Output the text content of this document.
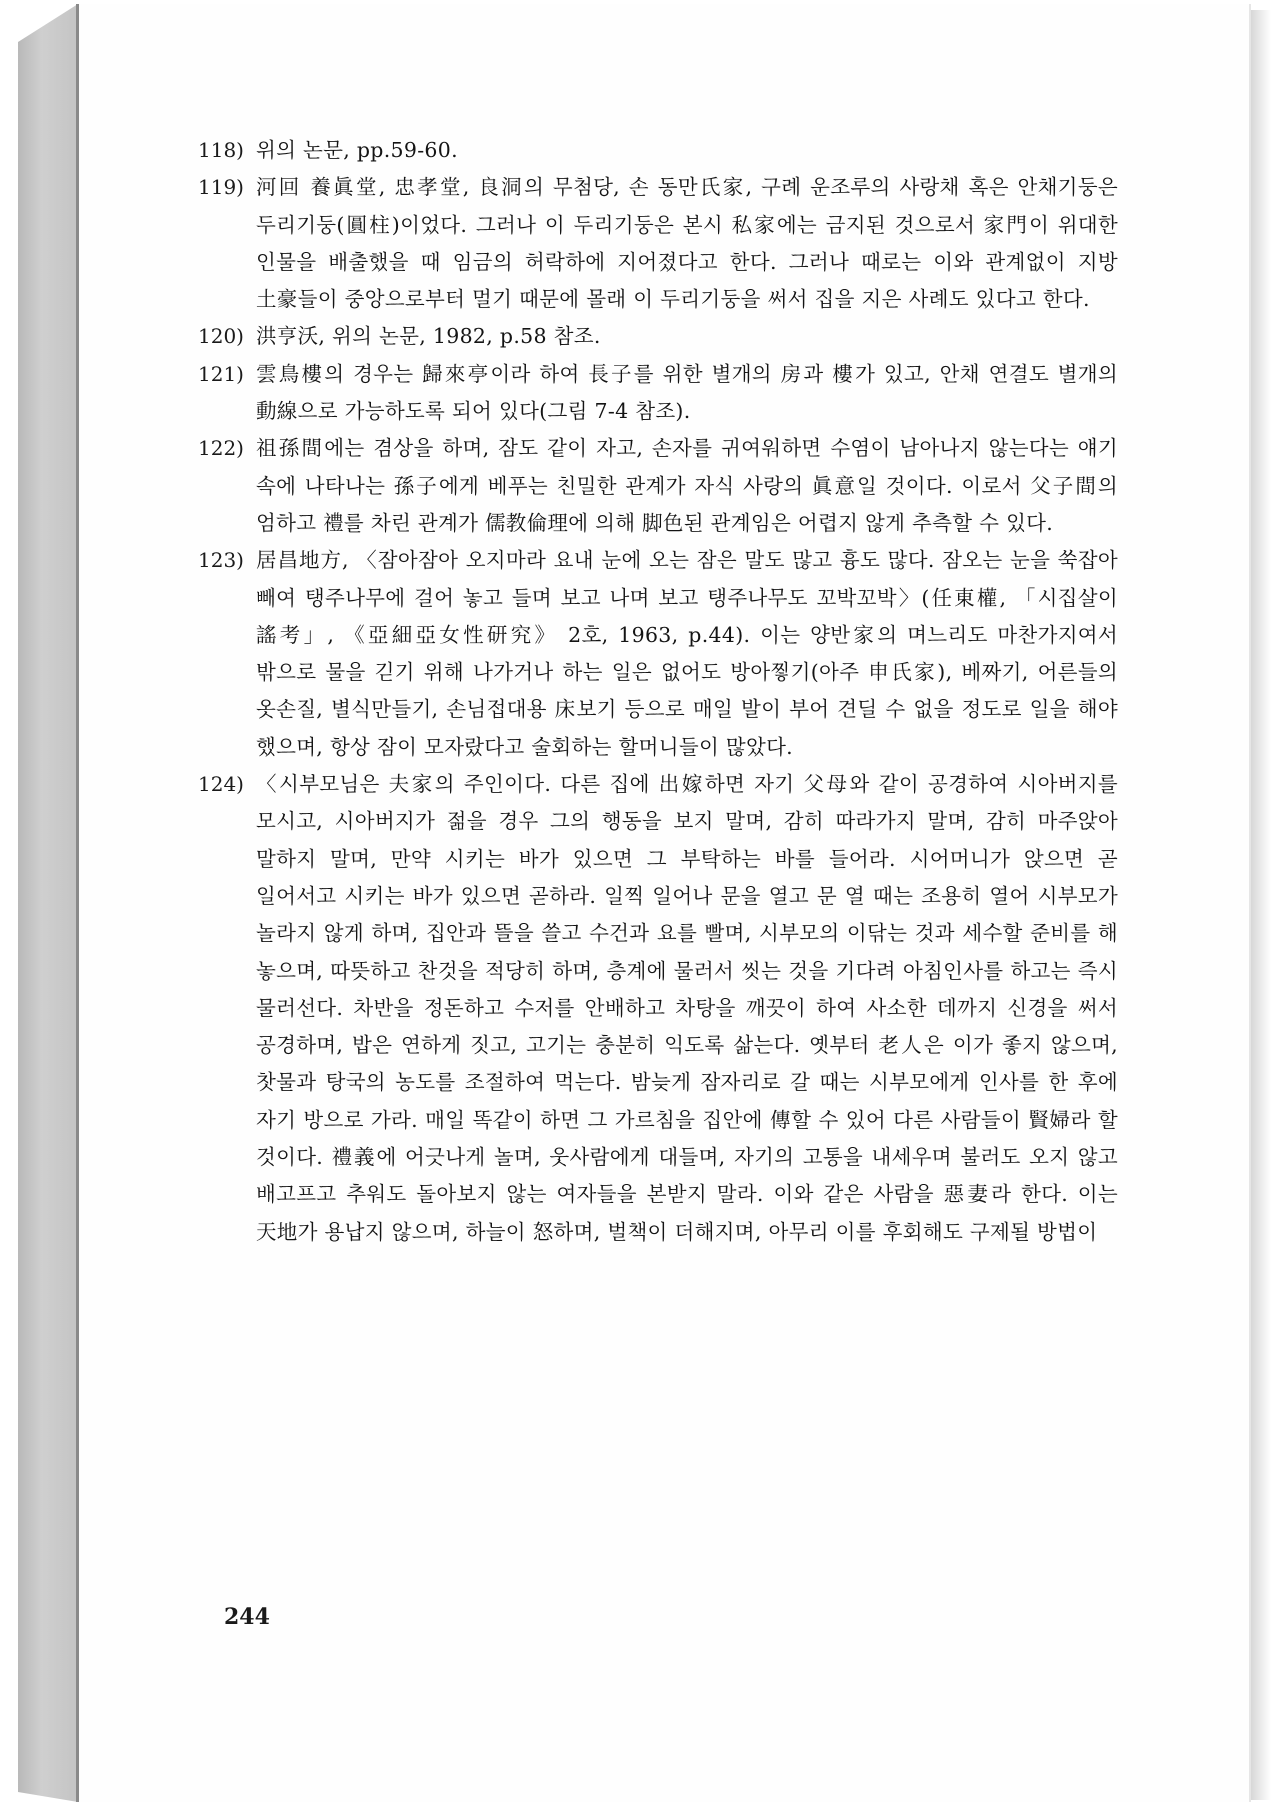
118) 위의 논문, pp.59-60.
119) 河回 養眞堂, 忠孝堂, 良洞의 무첨당, 손 동만氏家, 구례 운조루의 사랑채 혹은 안채기둥은 두리기둥(圓柱)이었다. 그러나 이 두리기둥은 본시 私家에는 금지된 것으로서 家門이 위대한 인물을 배출했을 때 임금의 허락하에 지어졌다고 한다. 그러나 때로는 이와 관계없이 지방 土豪들이 중앙으로부터 멀기 때문에 몰래 이 두리기둥을 써서 집을 지은 사례도 있다고 한다.
120) 洪亨沃, 위의 논문, 1982, p.58 참조.
121) 雲鳥樓의 경우는 歸來亭이라 하여 長子를 위한 별개의 房과 樓가 있고, 안채 연결도 별개의 動線으로 가능하도록 되어 있다(그림 7-4 참조).
122) 祖孫間에는 겸상을 하며, 잠도 같이 자고, 손자를 귀여워하면 수염이 남아나지 않는다는 얘기 속에 나타나는 孫子에게 베푸는 친밀한 관계가 자식 사랑의 眞意일 것이다. 이로서 父子間의 엄하고 禮를 차린 관계가 儒教倫理에 의해 脚色된 관계임은 어렵지 않게 추측할 수 있다.
123) 居昌地方, 〈잠아잠아 오지마라 요내 눈에 오는 잠은 말도 많고 흉도 많다. 잠오는 눈을 쑥잡아 빼여 탱주나무에 걸어 놓고 들며 보고 나며 보고 탱주나무도 꼬박꼬박〉(任東權, 「시집살이 謠考」, 《亞細亞女性研究》 2호, 1963, p.44). 이는 양반家의 며느리도 마찬가지여서 밖으로 물을 긷기 위해 나가거나 하는 일은 없어도 방아찧기(아주 申氏家), 베짜기, 어른들의 옷손질, 별식만들기, 손님접대용 床보기 등으로 매일 발이 부어 견딜 수 없을 정도로 일을 해야 했으며, 항상 잠이 모자랐다고 술회하는 할머니들이 많았다.
124) 〈시부모님은 夫家의 주인이다. 다른 집에 出嫁하면 자기 父母와 같이 공경하여 시아버지를 모시고, 시아버지가 젊을 경우 그의 행동을 보지 말며, 감히 따라가지 말며, 감히 마주앉아 말하지 말며, 만약 시키는 바가 있으면 그 부탁하는 바를 들어라. 시어머니가 앉으면 곧 일어서고 시키는 바가 있으면 곧하라. 일찍 일어나 문을 열고 문 열 때는 조용히 열어 시부모가 놀라지 않게 하며, 집안과 뜰을 쓸고 수건과 요를 빨며, 시부모의 이닦는 것과 세수할 준비를 해 놓으며, 따뜻하고 찬것을 적당히 하며, 층계에 물러서 씻는 것을 기다려 아침인사를 하고는 즉시 물러선다. 차반을 정돈하고 수저를 안배하고 차탕을 깨끗이 하여 사소한 데까지 신경을 써서 공경하며, 밥은 연하게 짓고, 고기는 충분히 익도록 삶는다. 옛부터 老人은 이가 좋지 않으며, 찻물과 탕국의 농도를 조절하여 먹는다. 밤늦게 잠자리로 갈 때는 시부모에게 인사를 한 후에 자기 방으로 가라. 매일 똑같이 하면 그 가르침을 집안에 傳할 수 있어 다른 사람들이 賢婦라 할 것이다. 禮義에 어긋나게 놀며, 웃사람에게 대들며, 자기의 고통을 내세우며 불러도 오지 않고 배고프고 추워도 돌아보지 않는 여자들을 본받지 말라. 이와 같은 사람을 惡妻라 한다. 이는 天地가 용납지 않으며, 하늘이 怒하며, 벌책이 더해지며, 아무리 이를 후회해도 구제될 방법이
244
